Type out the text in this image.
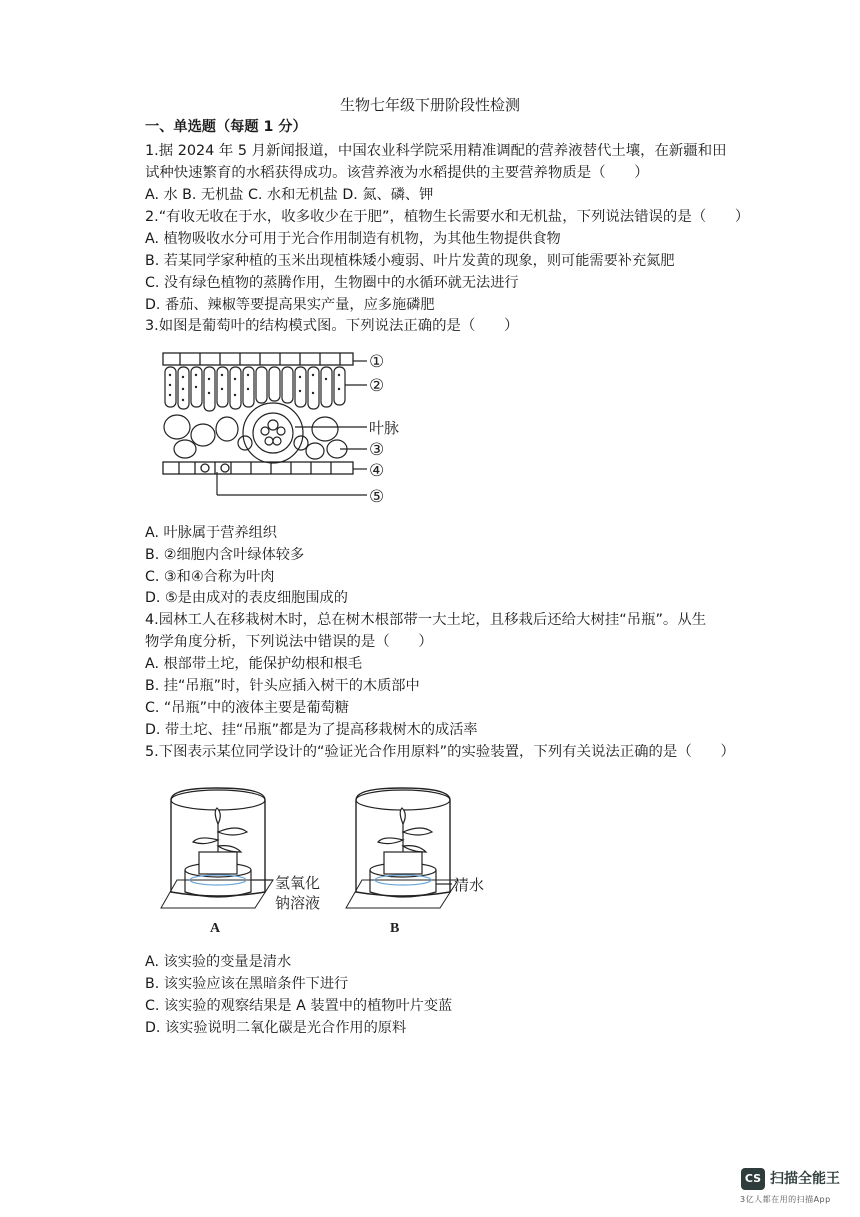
生物七年级下册阶段性检测
一、单选题（每题 1 分）
1.据 2024 年 5 月新闻报道，中国农业科学院采用精准调配的营养液替代土壤，在新疆和田
试种快速繁育的水稻获得成功。该营养液为水稻提供的主要营养物质是（　　）
A. 水 B. 无机盐 C. 水和无机盐 D. 氮、磷、钾
2.“有收无收在于水，收多收少在于肥”，植物生长需要水和无机盐，下列说法错误的是（　　）
A. 植物吸收水分可用于光合作用制造有机物，为其他生物提供食物
B. 若某同学家种植的玉米出现植株矮小瘦弱、叶片发黄的现象，则可能需要补充氮肥
C. 没有绿色植物的蒸腾作用，生物圈中的水循环就无法进行
D. 番茄、辣椒等要提高果实产量，应多施磷肥
3.如图是葡萄叶的结构模式图。下列说法正确的是（　　）
①
②
叶脉
③
④
⑤
A. 叶脉属于营养组织
B. ②细胞内含叶绿体较多
C. ③和④合称为叶肉
D. ⑤是由成对的表皮细胞围成的
4.园林工人在移栽树木时，总在树木根部带一大土坨，且移栽后还给大树挂“吊瓶”。从生
物学角度分析，下列说法中错误的是（　　）
A. 根部带土坨，能保护幼根和根毛
B. 挂“吊瓶”时，针头应插入树干的木质部中
C. “吊瓶”中的液体主要是葡萄糖
D. 带土坨、挂“吊瓶”都是为了提高移栽树木的成活率
5.下图表示某位同学设计的“验证光合作用原料”的实验装置，下列有关说法正确的是（　　）
氢氧化
钠溶液
A
清水
B
A. 该实验的变量是清水
B. 该实验应该在黑暗条件下进行
C. 该实验的观察结果是 A 装置中的植物叶片变蓝
D. 该实验说明二氧化碳是光合作用的原料
CS 扫描全能王
3亿人都在用的扫描App
